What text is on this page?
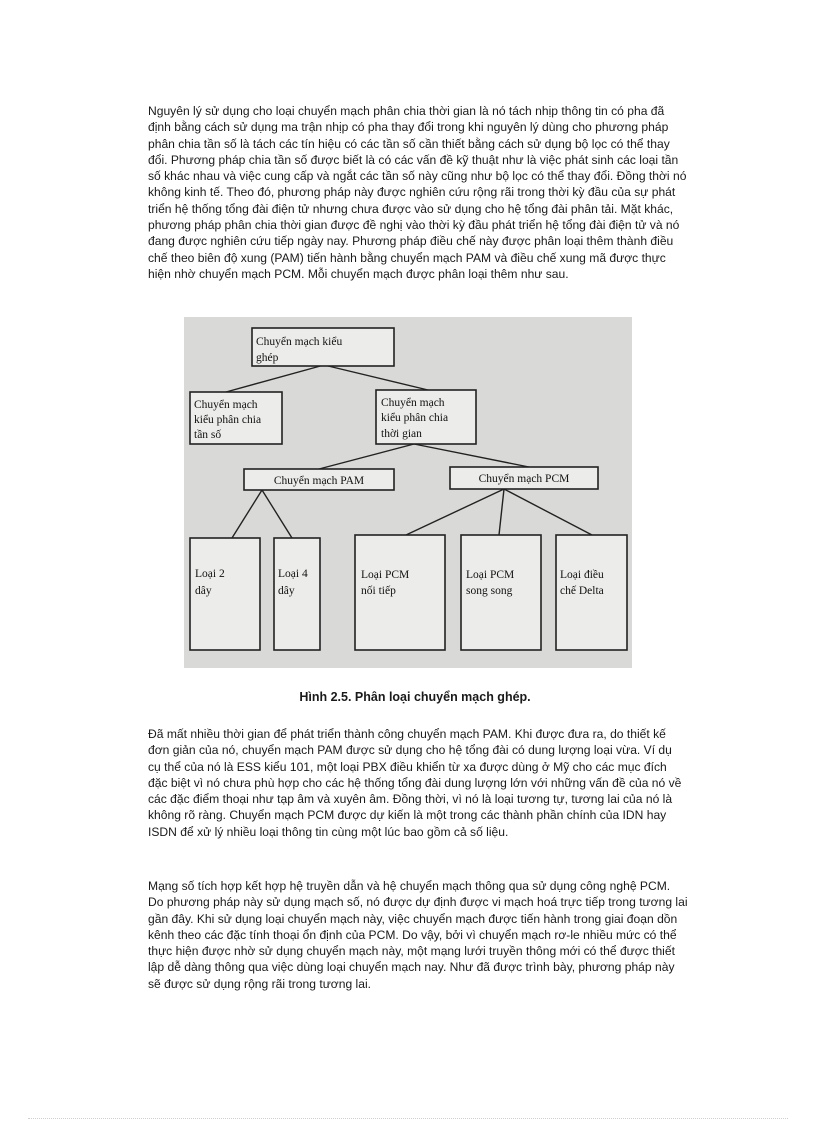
Nguyên lý sử dụng cho loại chuyển mạch phân chia thời gian là nó tách nhịp thông tin có pha đã định bằng cách sử dụng ma trận nhịp có pha thay đổi trong khi nguyên lý dùng cho phương pháp phân chia tần số là tách các tín hiệu có các tần số cần thiết bằng cách sử dụng bộ lọc có thể thay đổi. Phương pháp chia tần số được biết là có các vấn đề kỹ thuật như là việc phát sinh các loại tần số khác nhau và việc cung cấp và ngắt các tần số này cũng như bộ lọc có thể thay đổi. Đồng thời nó không kinh tế. Theo đó, phương pháp này được nghiên cứu rộng rãi trong thời kỳ đầu của sự phát triển hệ thống tổng đài điện tử nhưng chưa được vào sử dụng cho hệ tổng đài phân tải. Mặt khác, phương pháp phân chia thời gian được đề nghị vào thời kỳ đầu phát triển hệ tổng đài điện tử và nó đang được nghiên cứu tiếp ngày nay. Phương pháp điều chế này được phân loại thêm thành điều chế theo biên độ xung (PAM) tiến hành bằng chuyển mạch PAM và điều chế xung mã được thực hiện nhờ chuyển mạch PCM. Mỗi chuyển mạch được phân loại thêm như sau.

Chuyển mạch kiểu
ghép
Chuyển mạch
kiểu phân chia
tần số
Chuyển mạch
kiểu phân chia
thời gian
Chuyển mạch PAM	Chuyển mạch PCM
Loại 2
dây
Loại 4
dây
Loại PCM
nối tiếp
Loại PCM
song song
Loại điều
chế Delta

Hình 2.5. Phân loại chuyển mạch ghép.

Đã mất nhiều thời gian để phát triển thành công chuyển mạch PAM. Khi được đưa ra, do thiết kế đơn giản của nó, chuyển mạch PAM được sử dụng cho hệ tổng đài có dung lượng loại vừa. Ví dụ cụ thể của nó là ESS kiểu 101, một loại PBX điều khiển từ xa được dùng ở Mỹ cho các mục đích đặc biệt vì nó chưa phù hợp cho các hệ thống tổng đài dung lượng lớn với những vấn đề của nó về các đặc điểm thoại như tạp âm và xuyên âm. Đồng thời, vì nó là loại tương tự, tương lai của nó là không rõ ràng. Chuyển mạch PCM được dự kiến là một trong các thành phần chính của IDN hay ISDN để xử lý nhiều loại thông tin cùng một lúc bao gồm cả số liệu.

Mạng số tích hợp kết hợp hệ truyền dẫn và hệ chuyển mạch thông qua sử dụng công nghệ PCM. Do phương pháp này sử dụng mạch số, nó được dự định được vi mạch hoá trực tiếp trong tương lai gần đây. Khi sử dụng loại chuyển mạch này, việc chuyển mạch được tiến hành trong giai đoạn dồn kênh theo các đặc tính thoại ổn định của PCM. Do vậy, bởi vì chuyển mạch rơ-le nhiều mức có thể thực hiện được nhờ sử dụng chuyển mạch này, một mạng lưới truyền thông mới có thể được thiết lập dễ dàng thông qua việc dùng loại chuyển mạch nay. Như đã được trình bày, phương pháp này sẽ được sử dụng rộng rãi trong tương lai.
